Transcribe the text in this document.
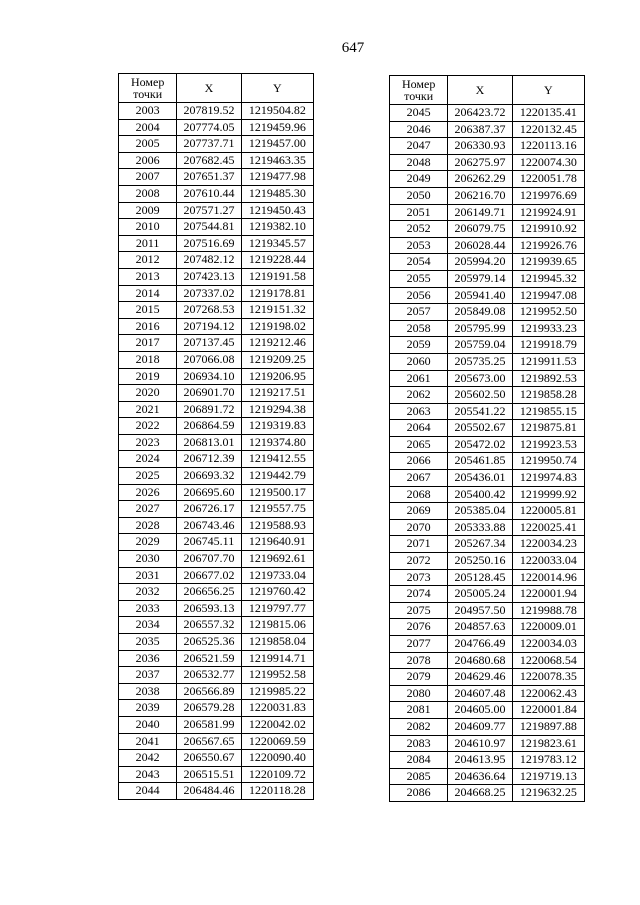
647
Номер
точки	X	Y
2003	207819.52	1219504.82
2004	207774.05	1219459.96
2005	207737.71	1219457.00
2006	207682.45	1219463.35
2007	207651.37	1219477.98
2008	207610.44	1219485.30
2009	207571.27	1219450.43
2010	207544.81	1219382.10
2011	207516.69	1219345.57
2012	207482.12	1219228.44
2013	207423.13	1219191.58
2014	207337.02	1219178.81
2015	207268.53	1219151.32
2016	207194.12	1219198.02
2017	207137.45	1219212.46
2018	207066.08	1219209.25
2019	206934.10	1219206.95
2020	206901.70	1219217.51
2021	206891.72	1219294.38
2022	206864.59	1219319.83
2023	206813.01	1219374.80
2024	206712.39	1219412.55
2025	206693.32	1219442.79
2026	206695.60	1219500.17
2027	206726.17	1219557.75
2028	206743.46	1219588.93
2029	206745.11	1219640.91
2030	206707.70	1219692.61
2031	206677.02	1219733.04
2032	206656.25	1219760.42
2033	206593.13	1219797.77
2034	206557.32	1219815.06
2035	206525.36	1219858.04
2036	206521.59	1219914.71
2037	206532.77	1219952.58
2038	206566.89	1219985.22
2039	206579.28	1220031.83
2040	206581.99	1220042.02
2041	206567.65	1220069.59
2042	206550.67	1220090.40
2043	206515.51	1220109.72
2044	206484.46	1220118.28
Номер
точки	X	Y
2045	206423.72	1220135.41
2046	206387.37	1220132.45
2047	206330.93	1220113.16
2048	206275.97	1220074.30
2049	206262.29	1220051.78
2050	206216.70	1219976.69
2051	206149.71	1219924.91
2052	206079.75	1219910.92
2053	206028.44	1219926.76
2054	205994.20	1219939.65
2055	205979.14	1219945.32
2056	205941.40	1219947.08
2057	205849.08	1219952.50
2058	205795.99	1219933.23
2059	205759.04	1219918.79
2060	205735.25	1219911.53
2061	205673.00	1219892.53
2062	205602.50	1219858.28
2063	205541.22	1219855.15
2064	205502.67	1219875.81
2065	205472.02	1219923.53
2066	205461.85	1219950.74
2067	205436.01	1219974.83
2068	205400.42	1219999.92
2069	205385.04	1220005.81
2070	205333.88	1220025.41
2071	205267.34	1220034.23
2072	205250.16	1220033.04
2073	205128.45	1220014.96
2074	205005.24	1220001.94
2075	204957.50	1219988.78
2076	204857.63	1220009.01
2077	204766.49	1220034.03
2078	204680.68	1220068.54
2079	204629.46	1220078.35
2080	204607.48	1220062.43
2081	204605.00	1220001.84
2082	204609.77	1219897.88
2083	204610.97	1219823.61
2084	204613.95	1219783.12
2085	204636.64	1219719.13
2086	204668.25	1219632.25
